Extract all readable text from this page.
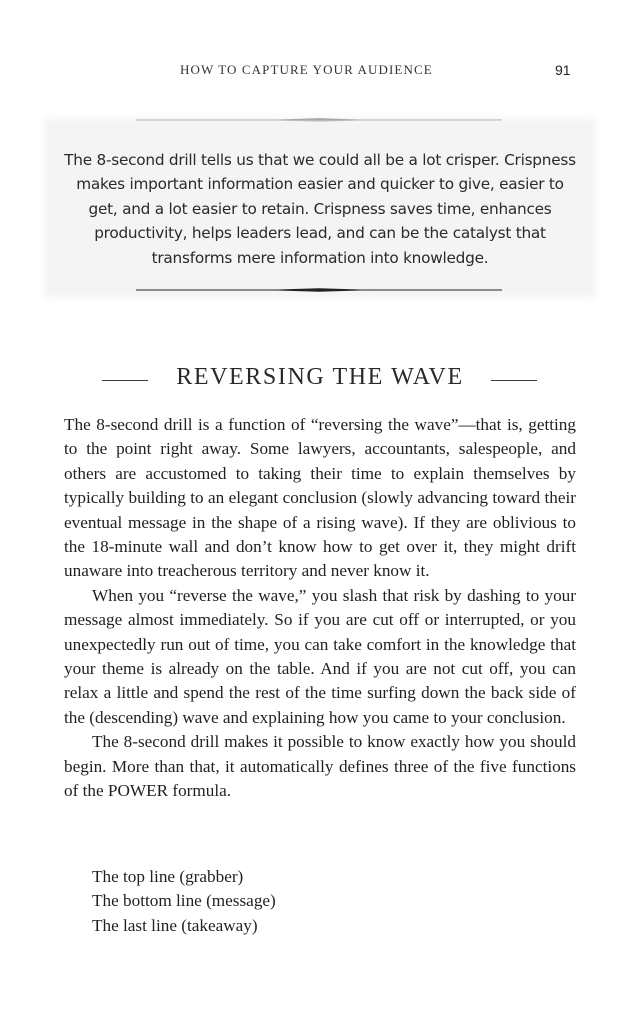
HOW TO CAPTURE YOUR AUDIENCE	91
The 8-second drill tells us that we could all be a lot crisper. Crispness makes important information easier and quicker to give, easier to get, and a lot easier to retain. Crispness saves time, enhances productivity, helps leaders lead, and can be the catalyst that transforms mere information into knowledge.
REVERSING THE WAVE

The 8-second drill is a function of “reversing the wave”—that is, getting to the point right away. Some lawyers, accountants, salespeople, and others are accustomed to taking their time to explain themselves by typically building to an elegant conclusion (slowly advancing toward their eventual message in the shape of a rising wave). If they are oblivious to the 18-minute wall and don’t know how to get over it, they might drift unaware into treacherous territory and never know it.

When you “reverse the wave,” you slash that risk by dashing to your message almost immediately. So if you are cut off or interrupted, or you unexpectedly run out of time, you can take comfort in the knowledge that your theme is already on the table. And if you are not cut off, you can relax a little and spend the rest of the time surfing down the back side of the (descending) wave and explaining how you came to your conclusion.

The 8-second drill makes it possible to know exactly how you should begin. More than that, it automatically defines three of the five functions of the POWER formula.

The top line (grabber)
The bottom line (message)
The last line (takeaway)
